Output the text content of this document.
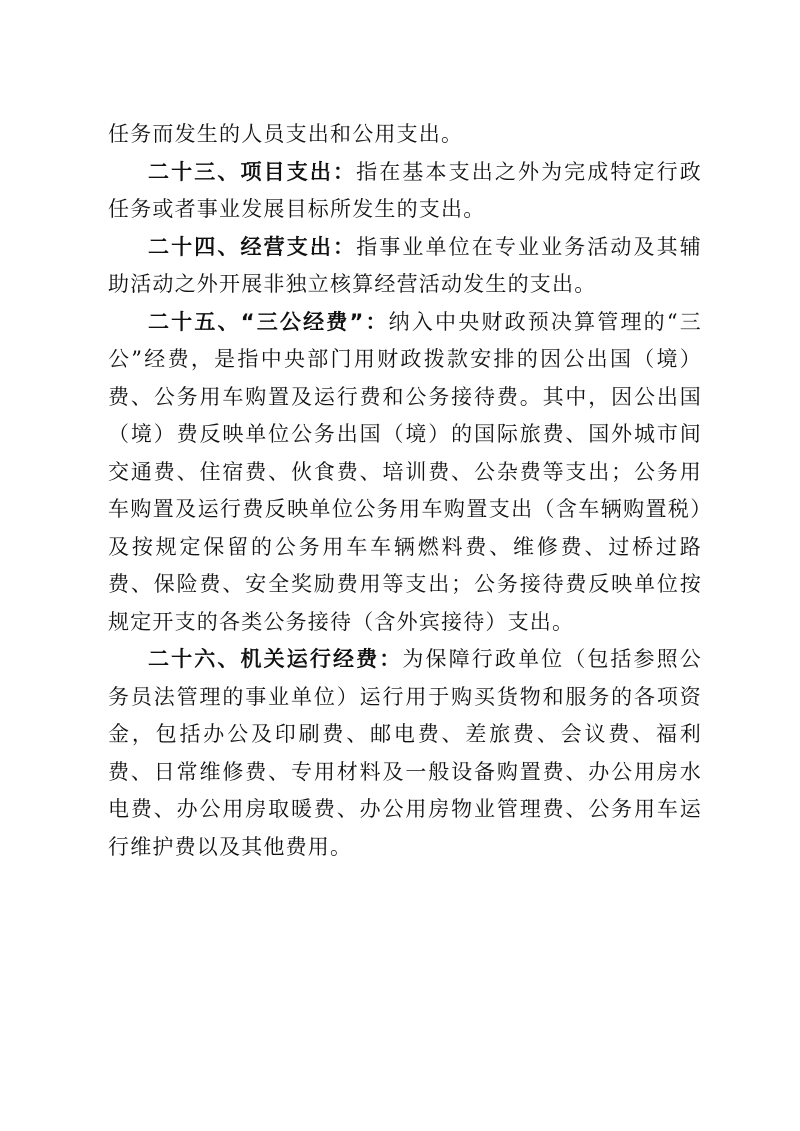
任务而发生的人员支出和公用支出。

二十三、项目支出：指在基本支出之外为完成特定行政任务或者事业发展目标所发生的支出。

二十四、经营支出：指事业单位在专业业务活动及其辅助活动之外开展非独立核算经营活动发生的支出。

二十五、“三公经费”：纳入中央财政预决算管理的“三公”经费，是指中央部门用财政拨款安排的因公出国（境）费、公务用车购置及运行费和公务接待费。其中，因公出国（境）费反映单位公务出国（境）的国际旅费、国外城市间交通费、住宿费、伙食费、培训费、公杂费等支出；公务用车购置及运行费反映单位公务用车购置支出（含车辆购置税）及按规定保留的公务用车车辆燃料费、维修费、过桥过路费、保险费、安全奖励费用等支出；公务接待费反映单位按规定开支的各类公务接待（含外宾接待）支出。

二十六、机关运行经费：为保障行政单位（包括参照公务员法管理的事业单位）运行用于购买货物和服务的各项资金，包括办公及印刷费、邮电费、差旅费、会议费、福利费、日常维修费、专用材料及一般设备购置费、办公用房水电费、办公用房取暖费、办公用房物业管理费、公务用车运行维护费以及其他费用。
